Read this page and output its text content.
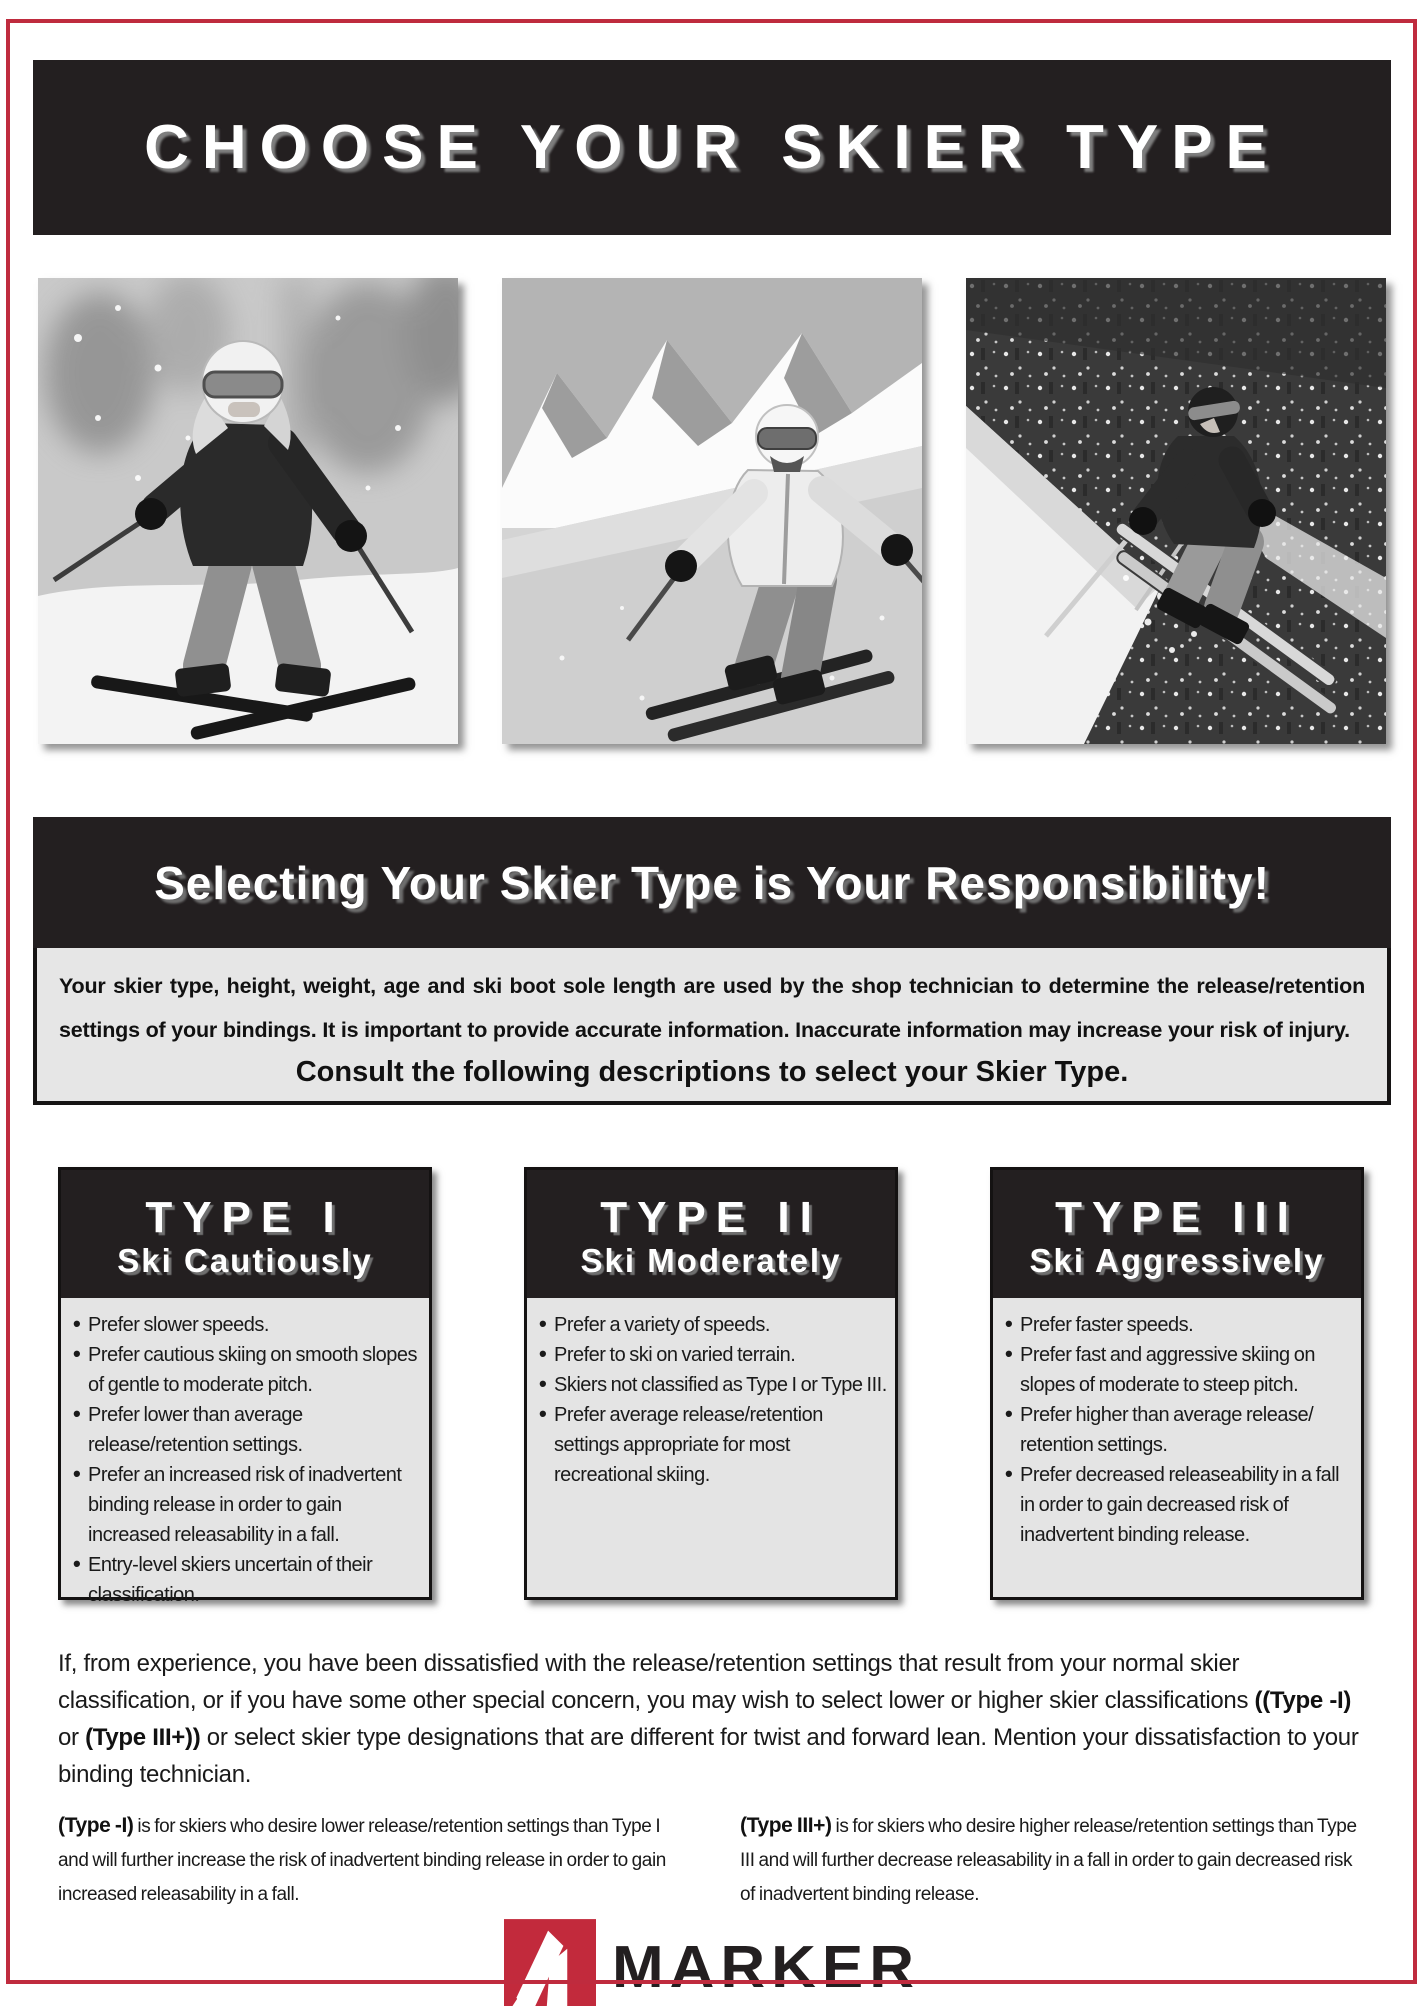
CHOOSE YOUR SKIER TYPE
Selecting Your Skier Type is Your Responsibility!

Your skier type, height, weight, age and ski boot sole length are used by the shop technician to determine the release/retention settings of your bindings. It is important to provide accurate information. Inaccurate information may increase your risk of injury.

Consult the following descriptions to select your Skier Type.

TYPE I
Ski Cautiously
• Prefer slower speeds.
• Prefer cautious skiing on smooth slopes of gentle to moderate pitch.
• Prefer lower than average release/retention settings.
• Prefer an increased risk of inadvertent binding release in order to gain increased releasability in a fall.
• Entry-level skiers uncertain of their classification.
TYPE II
Ski Moderately
• Prefer a variety of speeds.
• Prefer to ski on varied terrain.
• Skiers not classified as Type I or Type III.
• Prefer average release/retention settings appropriate for most recreational skiing.
TYPE III
Ski Aggressively
• Prefer faster speeds.
• Prefer fast and aggressive skiing on slopes of moderate to steep pitch.
• Prefer higher than average release/ retention settings.
• Prefer decreased releaseability in a fall in order to gain decreased risk of inadvertent binding release.
If, from experience, you have been dissatisfied with the release/retention settings that result from your normal skier classification, or if you have some other special concern, you may wish to select lower or higher skier classifications ((Type -I) or (Type III+)) or select skier type designations that are different for twist and forward lean. Mention your dissatisfaction to your binding technician.

(Type -I) is for skiers who desire lower release/retention settings than Type I and will further increase the risk of inadvertent binding release in order to gain increased releasability in a fall.

(Type III+) is for skiers who desire higher release/retention settings than Type III and will further decrease releasability in a fall in order to gain decreased risk of inadvertent binding release.

MARKER
